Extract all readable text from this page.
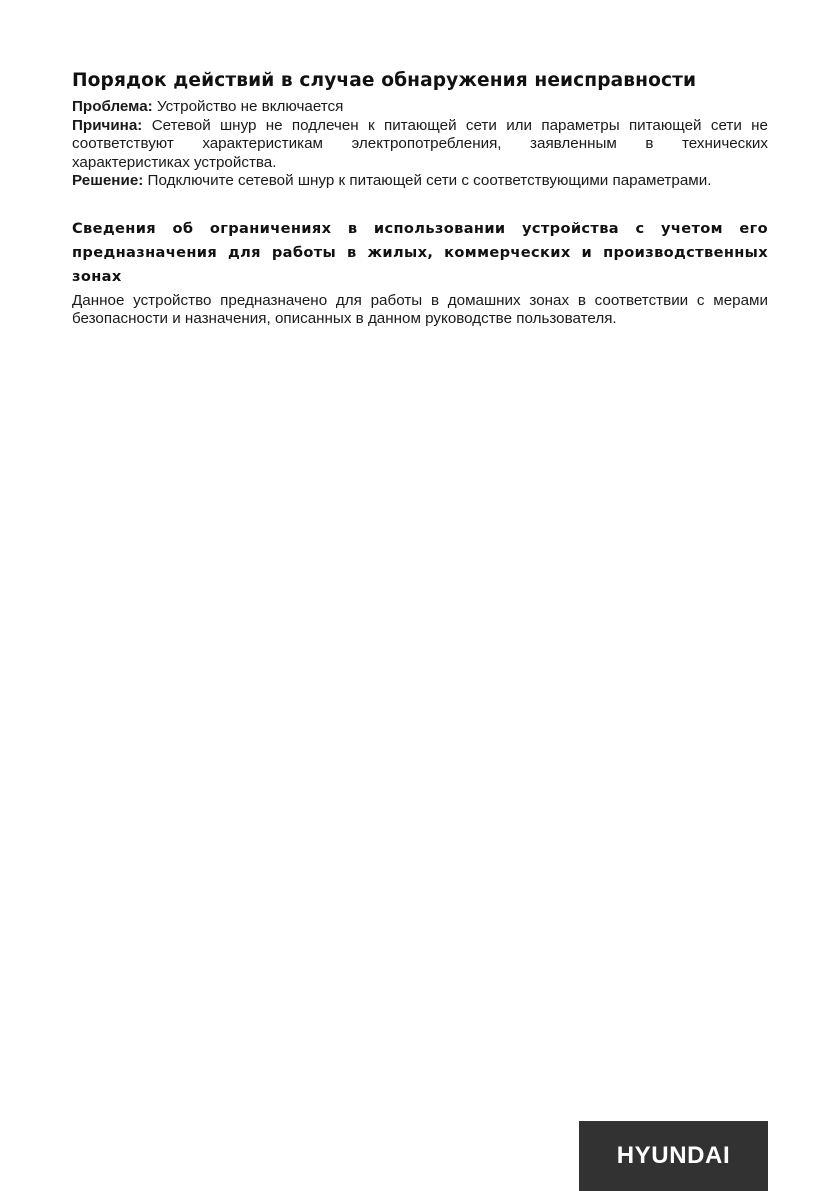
Порядок действий в случае обнаружения неисправности

Проблема: Устройство не включается

Причина: Сетевой шнур не подлечен к питающей сети или параметры питающей сети не соответствуют характеристикам электропотребления, заявленным в технических характеристиках устройства.

Решение: Подключите сетевой шнур к питающей сети с соответствующими параметрами.

Сведения об ограничениях в использовании устройства с учетом его предназначения для работы в жилых, коммерческих и производственных зонах

Данное устройство предназначено для работы в домашних зонах в соответствии с мерами безопасности и назначения, описанных в данном руководстве пользователя.

HYUNDAI
